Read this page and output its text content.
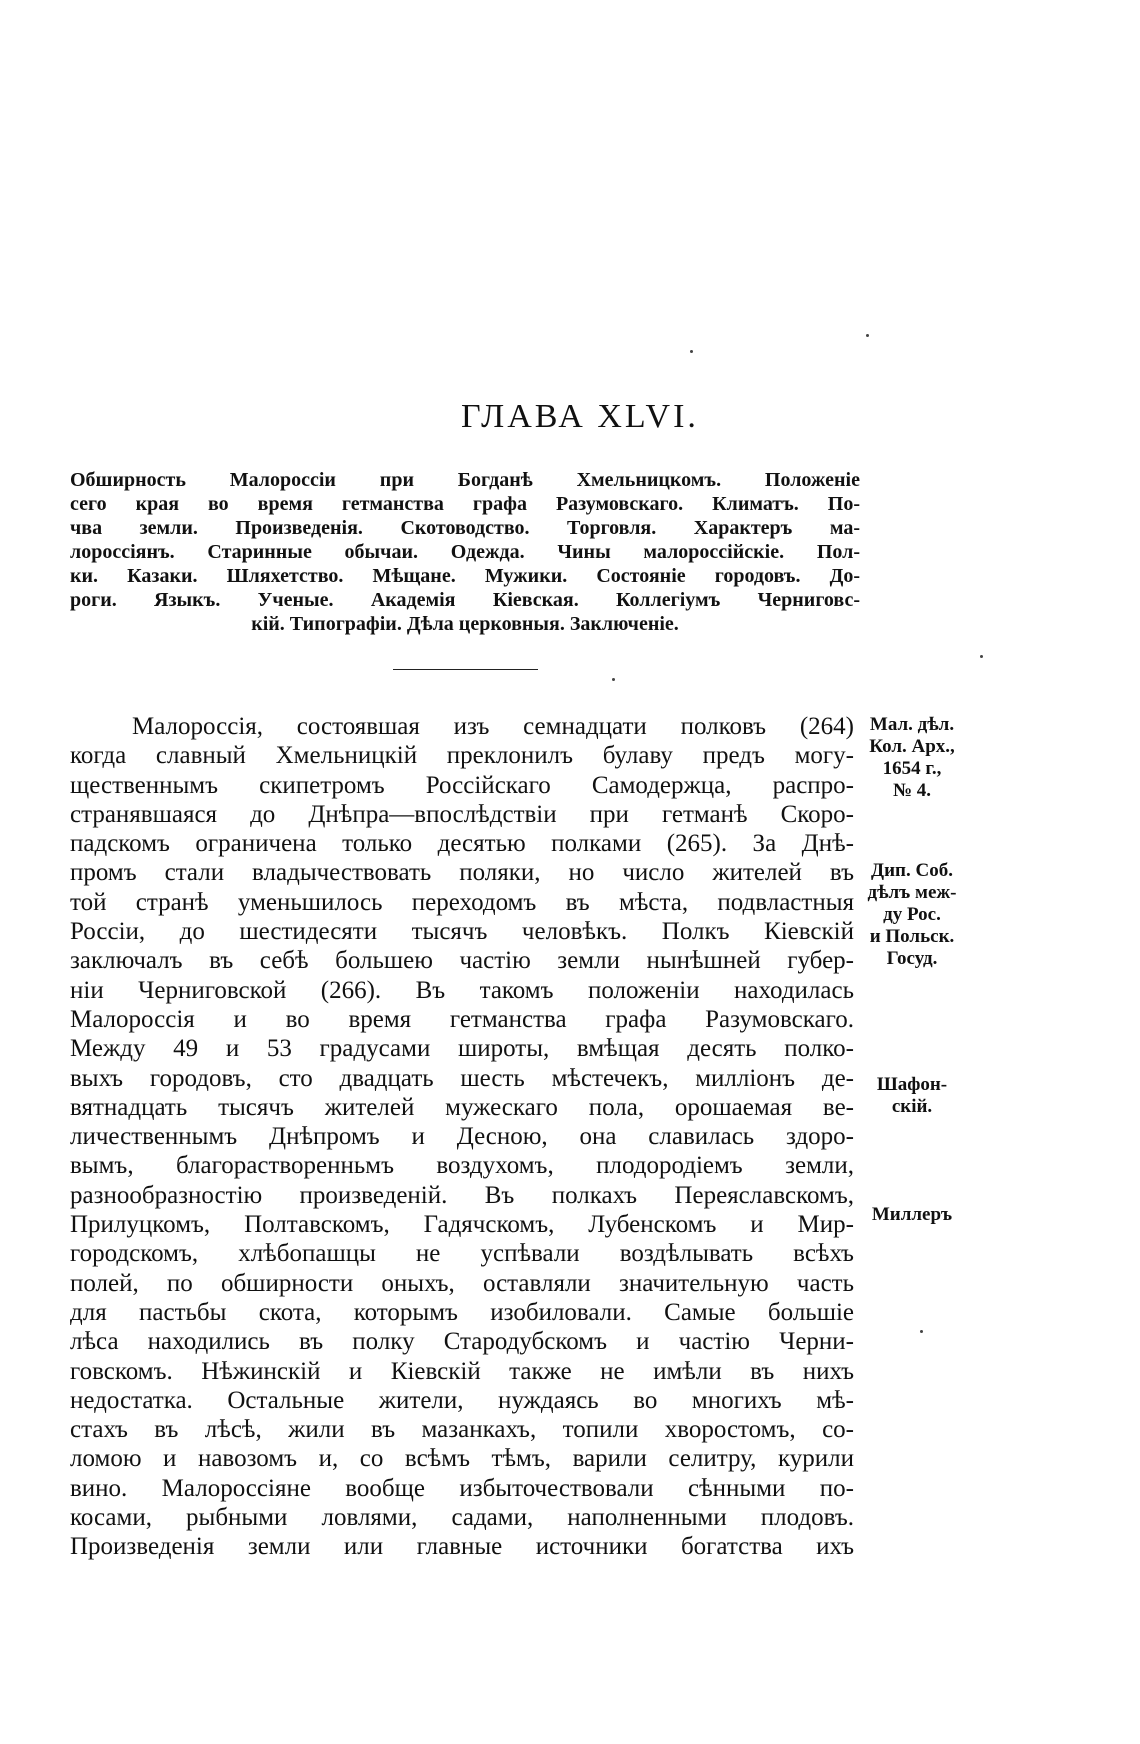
ГЛАВА XLVI.
Обширность Малороссіи при Богданѣ Хмельницкомъ. Положеніе
сего края во время гетманства графа Разумовскаго. Климатъ. По-
чва земли. Произведенія. Скотоводство. Торговля. Характеръ ма-
лороссіянъ. Старинные обычаи. Одежда. Чины малороссійскіе. Пол-
ки. Казаки. Шляхетство. Мѣщане. Мужики. Состояніе городовъ. До-
роги. Языкъ. Ученые. Академія Кіевская. Коллегіумъ Черниговс-
кій. Типографіи. Дѣла церковныя. Заключеніе.
Малороссія, состоявшая изъ семнадцати полковъ (264)
когда славный Хмельницкій преклонилъ булаву предъ могу-
щественнымъ скипетромъ Россійскаго Самодержца, распро-
странявшаяся до Днѣпра—впослѣдствіи при гетманѣ Скоро-
падскомъ ограничена только десятью полками (265). За Днѣ-
промъ стали владычествовать поляки, но число жителей въ
той странѣ уменьшилось переходомъ въ мѣста, подвластныя
Россіи, до шестидесяти тысячъ человѣкъ. Полкъ Кіевскій
заключалъ въ себѣ большею частію земли нынѣшней губер-
ніи Черниговской (266). Въ такомъ положеніи находилась
Малороссія и во время гетманства графа Разумовскаго.
Между 49 и 53 градусами широты, вмѣщая десять полко-
выхъ городовъ, сто двадцать шесть мѣстечекъ, милліонъ де-
вятнадцать тысячъ жителей мужескаго пола, орошаемая ве-
личественнымъ Днѣпромъ и Десною, она славилась здоро-
вымъ, благорастворенньмъ воздухомъ, плодородіемъ земли,
разнообразностію произведеній. Въ полкахъ Переяславскомъ,
Прилуцкомъ, Полтавскомъ, Гадячскомъ, Лубенскомъ и Мир-
городскомъ, хлѣбопашцы не успѣвали воздѣлывать всѣхъ
полей, по обширности оныхъ, оставляли значительную часть
для пастьбы скота, которымъ изобиловали. Самые большіе
лѣса находились въ полку Стародубскомъ и частію Черни-
говскомъ. Нѣжинскій и Кіевскій также не имѣли въ нихъ
недостатка. Остальные жители, нуждаясь во многихъ мѣ-
стахъ въ лѣсѣ, жили въ мазанкахъ, топили хворостомъ, со-
ломою и навозомъ и, со всѣмъ тѣмъ, варили селитру, курили
вино. Малороссіяне вообще избыточествовали сѣнными по-
косами, рыбными ловлями, садами, наполненными плодовъ.
Произведенія земли или главные источники богатства ихъ
Мал. дѣл.
Кол. Арх.,
1654 г.,
№ 4.
Дип. Соб.
дѣлъ меж-
ду Рос.
и Польск.
Госуд.
Шафон-
скій.
Миллеръ
